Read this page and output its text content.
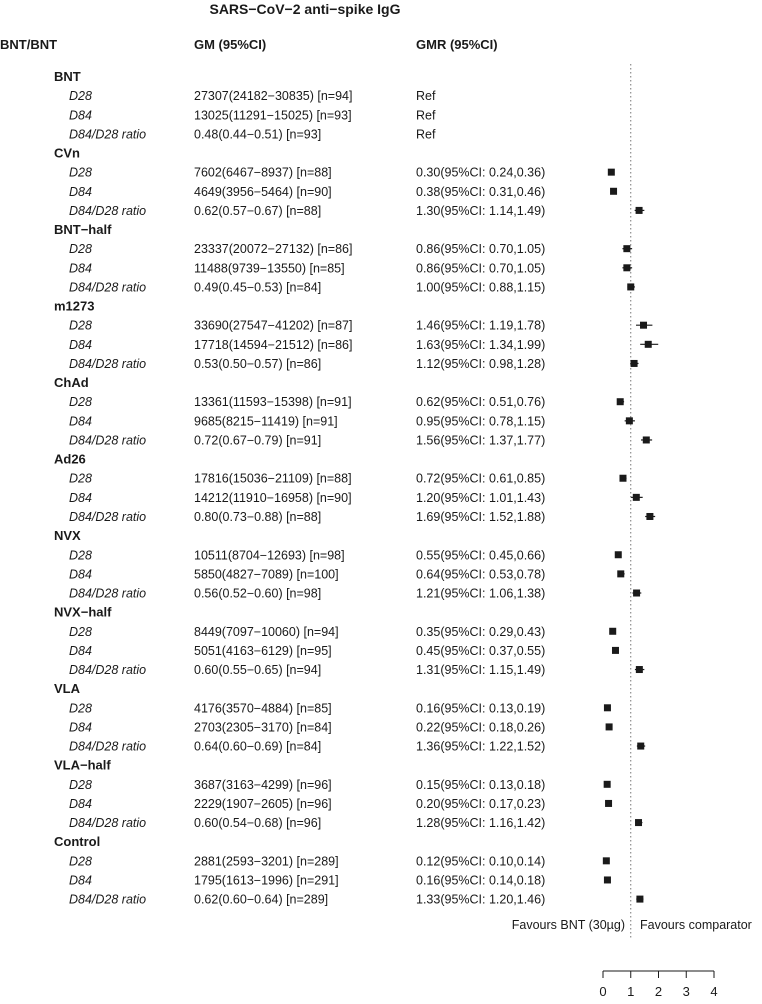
SARS−CoV−2 anti−spike IgG
BNT/BNT	GM (95%CI)	GMR (95%CI)
BNT
D28	27307(24182−30835) [n=94]	Ref
D84	13025(11291−15025) [n=93]	Ref
D84/D28 ratio	0.48(0.44−0.51) [n=93]	Ref
CVn
D28	7602(6467−8937) [n=88]	0.30(95%CI: 0.24,0.36)
D84	4649(3956−5464) [n=90]	0.38(95%CI: 0.31,0.46)
D84/D28 ratio	0.62(0.57−0.67) [n=88]	1.30(95%CI: 1.14,1.49)
BNT−half
D28	23337(20072−27132) [n=86]	0.86(95%CI: 0.70,1.05)
D84	11488(9739−13550) [n=85]	0.86(95%CI: 0.70,1.05)
D84/D28 ratio	0.49(0.45−0.53) [n=84]	1.00(95%CI: 0.88,1.15)
m1273
D28	33690(27547−41202) [n=87]	1.46(95%CI: 1.19,1.78)
D84	17718(14594−21512) [n=86]	1.63(95%CI: 1.34,1.99)
D84/D28 ratio	0.53(0.50−0.57) [n=86]	1.12(95%CI: 0.98,1.28)
ChAd
D28	13361(11593−15398) [n=91]	0.62(95%CI: 0.51,0.76)
D84	9685(8215−11419) [n=91]	0.95(95%CI: 0.78,1.15)
D84/D28 ratio	0.72(0.67−0.79) [n=91]	1.56(95%CI: 1.37,1.77)
Ad26
D28	17816(15036−21109) [n=88]	0.72(95%CI: 0.61,0.85)
D84	14212(11910−16958) [n=90]	1.20(95%CI: 1.01,1.43)
D84/D28 ratio	0.80(0.73−0.88) [n=88]	1.69(95%CI: 1.52,1.88)
NVX
D28	10511(8704−12693) [n=98]	0.55(95%CI: 0.45,0.66)
D84	5850(4827−7089) [n=100]	0.64(95%CI: 0.53,0.78)
D84/D28 ratio	0.56(0.52−0.60) [n=98]	1.21(95%CI: 1.06,1.38)
NVX−half
D28	8449(7097−10060) [n=94]	0.35(95%CI: 0.29,0.43)
D84	5051(4163−6129) [n=95]	0.45(95%CI: 0.37,0.55)
D84/D28 ratio	0.60(0.55−0.65) [n=94]	1.31(95%CI: 1.15,1.49)
VLA
D28	4176(3570−4884) [n=85]	0.16(95%CI: 0.13,0.19)
D84	2703(2305−3170) [n=84]	0.22(95%CI: 0.18,0.26)
D84/D28 ratio	0.64(0.60−0.69) [n=84]	1.36(95%CI: 1.22,1.52)
VLA−half
D28	3687(3163−4299) [n=96]	0.15(95%CI: 0.13,0.18)
D84	2229(1907−2605) [n=96]	0.20(95%CI: 0.17,0.23)
D84/D28 ratio	0.60(0.54−0.68) [n=96]	1.28(95%CI: 1.16,1.42)
Control
D28	2881(2593−3201) [n=289]	0.12(95%CI: 0.10,0.14)
D84	1795(1613−1996) [n=291]	0.16(95%CI: 0.14,0.18)
D84/D28 ratio	0.62(0.60−0.64) [n=289]	1.33(95%CI: 1.20,1.46)
Favours BNT (30µg) Favours comparator
0 1 2 3 4
